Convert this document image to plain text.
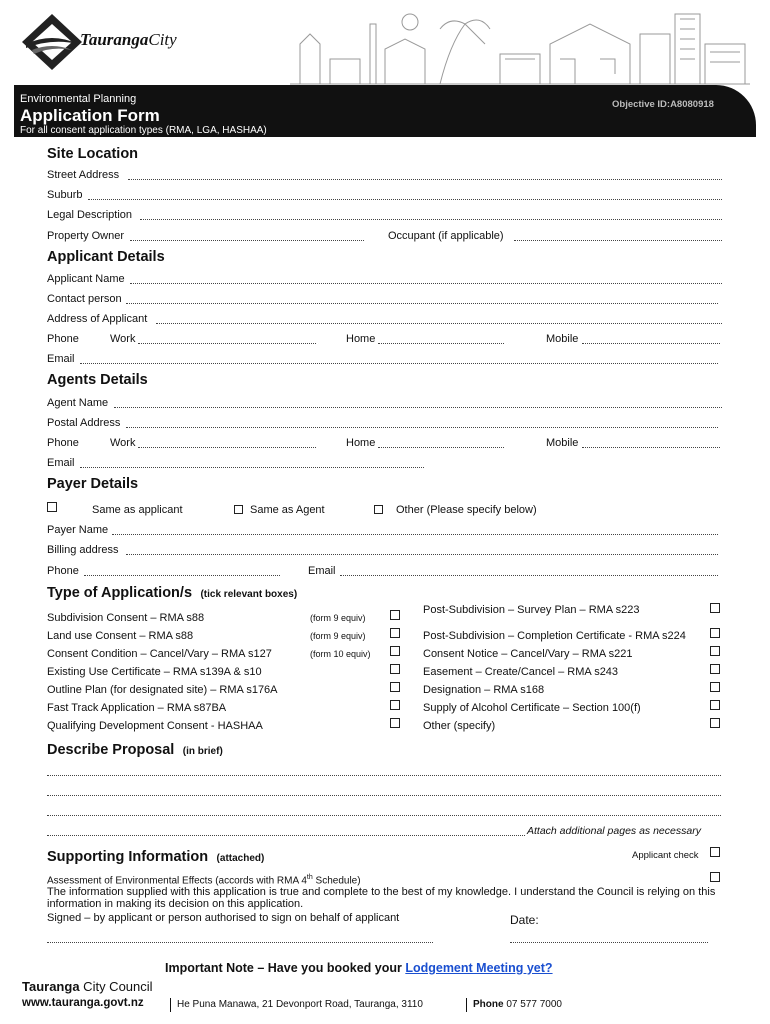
TaurangaCity
Environmental Planning
Application Form
For all consent application types (RMA, LGA, HASHAA)
Objective ID:A8080918
Site Location
Street Address
Suburb
Legal Description
Property Owner	Occupant (if applicable)
Applicant Details
Applicant Name
Contact person
Address of Applicant
Phone	Work	Home	Mobile
Email
Agents Details
Agent Name
Postal Address
Phone	Work	Home	Mobile
Email
Payer Details
Same as applicant	Same as Agent	Other (Please specify below)
Payer Name
Billing address
Phone	Email
Type of Application/s (tick relevant boxes)
Subdivision Consent – RMA s88	(form 9 equiv)
Land use Consent – RMA s88	(form 9 equiv)
Consent Condition – Cancel/Vary – RMA s127	(form 10 equiv)
Existing Use Certificate – RMA s139A & s10
Outline Plan (for designated site) – RMA s176A
Fast Track Application – RMA s87BA
Qualifying Development Consent - HASHAA
Post-Subdivision – Survey Plan – RMA s223
Post-Subdivision – Completion Certificate - RMA s224
Consent Notice – Cancel/Vary – RMA s221
Easement – Create/Cancel – RMA s243
Designation – RMA s168
Supply of Alcohol Certificate – Section 100(f)
Other (specify)
Describe Proposal (in brief)
Attach additional pages as necessary
Supporting Information (attached)	Applicant check
Assessment of Environmental Effects (accords with RMA 4th Schedule)
The information supplied with this application is true and complete to the best of my knowledge. I understand the Council is relying on this information in making its decision on this application.
Signed – by applicant or person authorised to sign on behalf of applicant	Date:
Important Note – Have you booked your Lodgement Meeting yet?
Tauranga City Council
www.tauranga.govt.nz	He Puna Manawa, 21 Devonport Road, Tauranga, 3110	Phone 07 577 7000
